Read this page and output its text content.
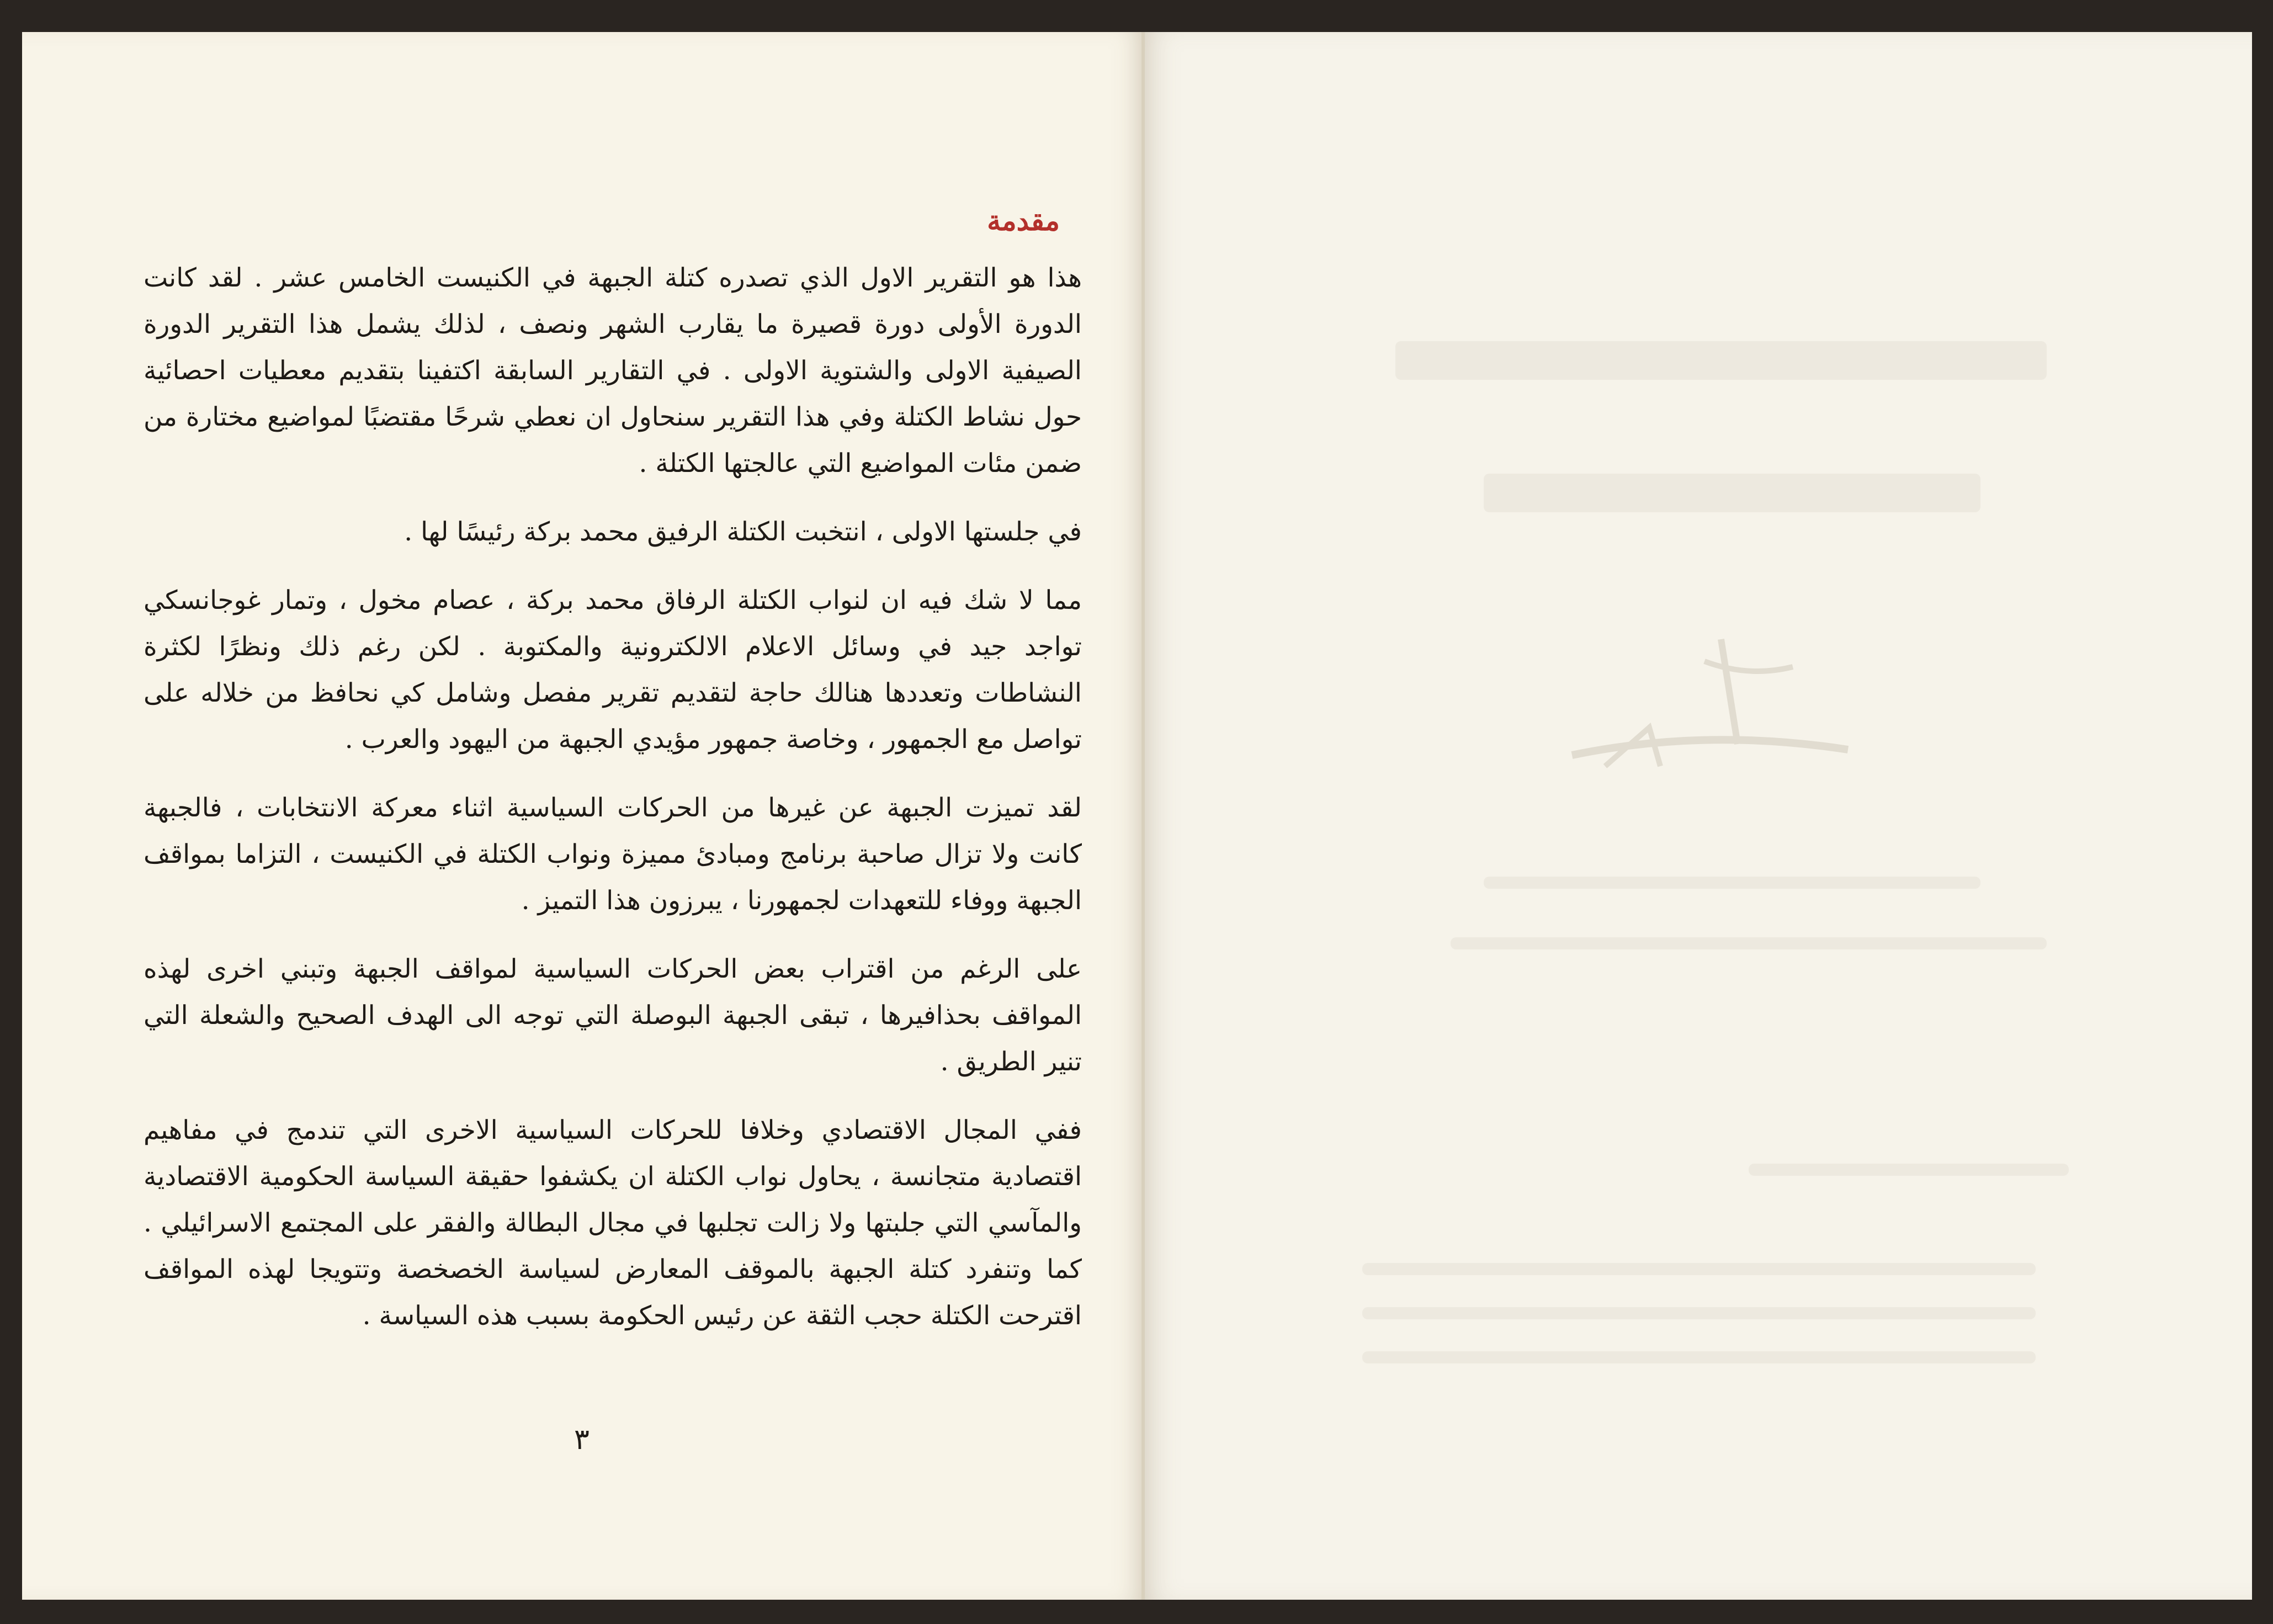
مقدمة

هذا هو التقرير الاول الذي تصدره كتلة الجبهة في الكنيست الخامس عشر . لقد كانت الدورة الأولى دورة قصيرة ما يقارب الشهر ونصف ، لذلك يشمل هذا التقرير الدورة الصيفية الاولى والشتوية الاولى . في التقارير السابقة اكتفينا بتقديم معطيات احصائية حول نشاط الكتلة وفي هذا التقرير سنحاول ان نعطي شرحًا مقتضبًا لمواضيع مختارة من ضمن مئات المواضيع التي عالجتها الكتلة .

في جلستها الاولى ، انتخبت الكتلة الرفيق محمد بركة رئيسًا لها .

مما لا شك فيه ان لنواب الكتلة الرفاق محمد بركة ، عصام مخول ، وتمار غوجانسكي تواجد جيد في وسائل الاعلام الالكترونية والمكتوبة . لكن رغم ذلك ونظرًا لكثرة النشاطات وتعددها هنالك حاجة لتقديم تقرير مفصل وشامل كي نحافظ من خلاله على تواصل مع الجمهور ، وخاصة جمهور مؤيدي الجبهة من اليهود والعرب .

لقد تميزت الجبهة عن غيرها من الحركات السياسية اثناء معركة الانتخابات ، فالجبهة كانت ولا تزال صاحبة برنامج ومبادئ مميزة ونواب الكتلة في الكنيست ، التزاما بمواقف الجبهة ووفاء للتعهدات لجمهورنا ، يبرزون هذا التميز .

على الرغم من اقتراب بعض الحركات السياسية لمواقف الجبهة وتبني اخرى لهذه المواقف بحذافيرها ، تبقى الجبهة البوصلة التي توجه الى الهدف الصحيح والشعلة التي تنير الطريق .

ففي المجال الاقتصادي وخلافا للحركات السياسية الاخرى التي تندمج في مفاهيم اقتصادية متجانسة ، يحاول نواب الكتلة ان يكشفوا حقيقة السياسة الحكومية الاقتصادية والمآسي التي جلبتها ولا زالت تجلبها في مجال البطالة والفقر على المجتمع الاسرائيلي . كما وتنفرد كتلة الجبهة بالموقف المعارض لسياسة الخصخصة وتتويجا لهذه المواقف اقترحت الكتلة حجب الثقة عن رئيس الحكومة بسبب هذه السياسة .

٣
